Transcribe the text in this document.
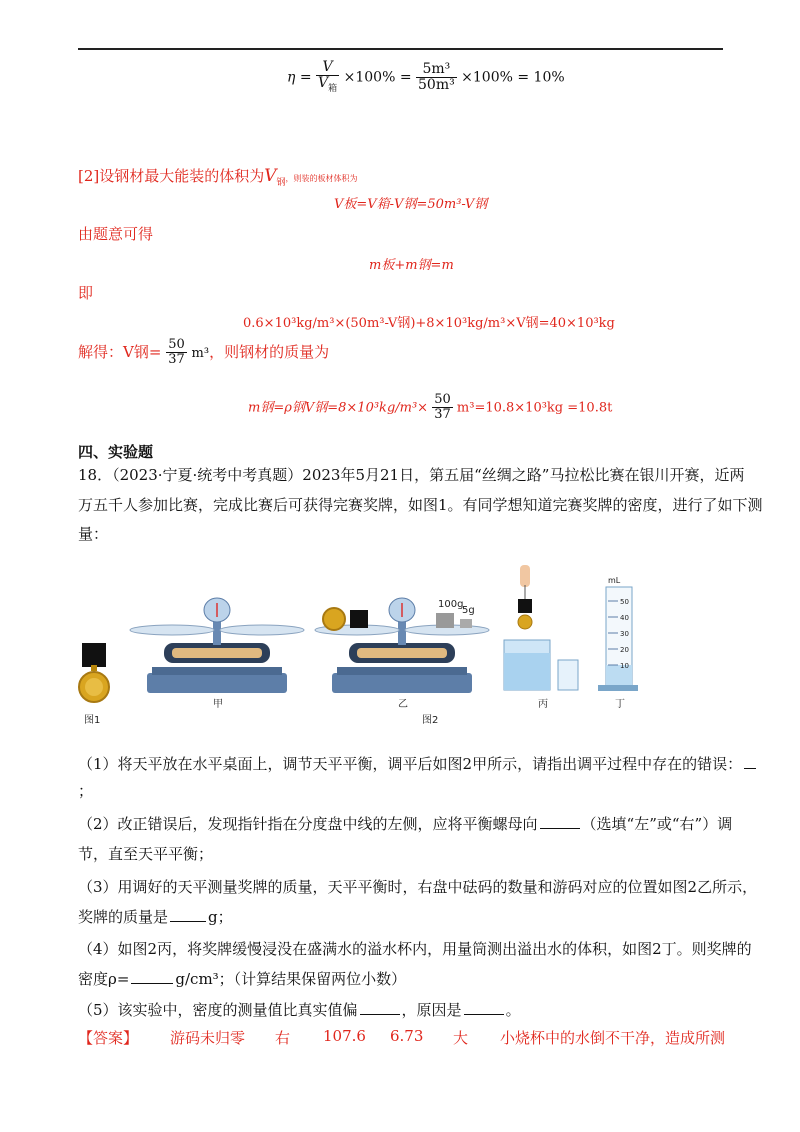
$\eta = \frac{V}{V_箱} \times 100\% = \frac{\text{5m³}}{\text{50m³}} \times 100\% = 10\%$
[2]设钢材最大能装的体积为$V_钢$，则装的板材体积为
V板=V箱-V钢=50m³-V钢
由题意可得
m板+m钢=m
即
0.6×10³kg/m³×(50m³-V钢)+8×10³kg/m³×V钢=40×10³kg
解得：V钢= $\frac{50}{37} m^3$，则钢材的质量为
m钢=ρ钢V钢$=8\times 10^3kg/m^3\times \frac{50}{37} m^3=10.8\times 10^3kg =10.8t$
四、实验题
18．（2023·宁夏·统考中考真题）2023年5月21日，第五届“丝绸之路”马拉松比赛在银川开赛，近两
万五千人参加比赛，完成比赛后可获得完赛奖牌，如图1。有同学想知道完赛奖牌的密度，进行了如下测
量：
图1
甲
100g
5g
乙
图2
丙
mL
50
40
30
20
10
丁
（1）将天平放在水平桌面上，调节天平平衡，调平后如图2甲所示，请指出调平过程中存在的错误：
；
（2）改正错误后，发现指针指在分度盘中线的左侧，应将平衡螺母向	（选填“左”或“右”）调
节，直至天平平衡；
（3）用调好的天平测量奖牌的质量，天平平衡时，右盘中砝码的数量和游码对应的位置如图2乙所示，
奖牌的质量是	g；
（4）如图2丙，将奖牌缓慢浸没在盛满水的溢水杯内，用量筒测出溢出水的体积，如图2丁。则奖牌的
密度ρ=	g/cm³；（计算结果保留两位小数）
（5）该实验中，密度的测量值比真实值偏	，原因是	。
【答案】 游码未归零 右 107.6 6.73 大 小烧杯中的水倒不干净，造成所测
